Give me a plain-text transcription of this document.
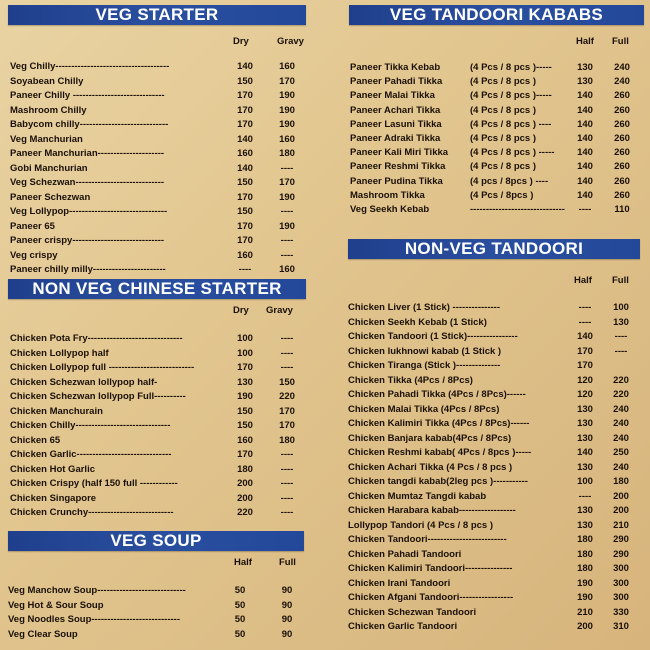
VEG STARTER
Dry	Gravy
Veg Chilly------------------------------------	140	160
Soyabean Chilly	150	170
Paneer Chilly -----------------------------	170	190
Mashroom Chilly	170	190
Babycom chilly----------------------------	170	190
Veg Manchurian	140	160
Paneer Manchurian---------------------	160	180
Gobi Manchurian	140	----
Veg Schezwan----------------------------	150	170
Paneer Schezwan	170	190
Veg Lollypop-------------------------------	150	----
Paneer 65	170	190
Paneer crispy-----------------------------	170	----
Veg crispy	160	----
Paneer chilly milly-----------------------	----	160
NON VEG CHINESE STARTER
Dry Gravy
Chicken Pota Fry------------------------------	100	----
Chicken Lollypop half	100	----
Chicken Lollypop full ---------------------------	170	----
Chicken Schezwan lollypop half-	130	150
Chicken Schezwan lollypop Full----------	190	220
Chicken Manchurain	150	170
Chicken Chilly------------------------------	150	170
Chicken 65	160	180
Chicken Garlic------------------------------	170	----
Chicken Hot Garlic	180	----
Chicken Crispy (half 150 full ------------	200	----
Chicken Singapore	200	----
Chicken Crunchy---------------------------	220	----
VEG SOUP
Half	Full
Veg Manchow Soup----------------------------	50	90
Veg Hot & Sour Soup	50	90
Veg Noodles Soup----------------------------	50	90
Veg Clear Soup	50	90
VEG TANDOORI KABABS
Half Full
Paneer Tikka Kebab	(4 Pcs / 8 pcs )-----	130	240
Paneer Pahadi Tikka	(4 Pcs / 8 pcs )	130	240
Paneer Malai Tikka	(4 Pcs / 8 pcs )-----	140	260
Paneer Achari Tikka	(4 Pcs / 8 pcs )	140	260
Paneer Lasuni Tikka	(4 Pcs / 8 pcs ) ----	140	260
Paneer Adraki Tikka	(4 Pcs / 8 pcs )	140	260
Paneer Kali Miri Tikka (4 Pcs / 8 pcs ) -----	140	260
Paneer Reshmi Tikka	(4 Pcs / 8 pcs )	140	260
Paneer Pudina Tikka	(4 pcs / 8pcs ) ----	140	260
Mashroom Tikka	(4 Pcs / 8pcs )	140	260
Veg Seekh Kebab	------------------------------	----	110
NON-VEG TANDOORI
Half Full
Chicken Liver (1 Stick) ---------------	----	100
Chicken Seekh Kebab (1 Stick)	----	130
Chicken Tandoori (1 Stick)----------------	140	----
Chicken lukhnowi kabab (1 Stick )	170	----
Chicken Tiranga (Stick )--------------	170
Chicken Tikka (4Pcs / 8Pcs)	120	220
Chicken Pahadi Tikka (4Pcs / 8Pcs)------	120	220
Chicken Malai Tikka (4Pcs / 8Pcs)	130	240
Chicken Kalimiri Tikka (4Pcs / 8Pcs)------	130	240
Chicken Banjara kabab(4Pcs / 8Pcs)	130	240
Chicken Reshmi kabab( 4Pcs / 8pcs )-----	140	250
Chicken Achari Tikka (4 Pcs / 8 pcs )	130	240
Chicken tangdi kabab(2leg pcs )-----------	100	180
Chicken Mumtaz Tangdi kabab	----	200
Chicken Harabara kabab------------------	130	200
Lollypop Tandori (4 Pcs / 8 pcs )	130	210
Chicken Tandoori-------------------------	180	290
Chicken Pahadi Tandoori	180	290
Chicken Kalimiri Tandoori---------------	180	300
Chicken Irani Tandoori	190	300
Chicken Afgani Tandoori-----------------	190	300
Chicken Schezwan Tandoori	210	330
Chicken Garlic Tandoori	200	310
